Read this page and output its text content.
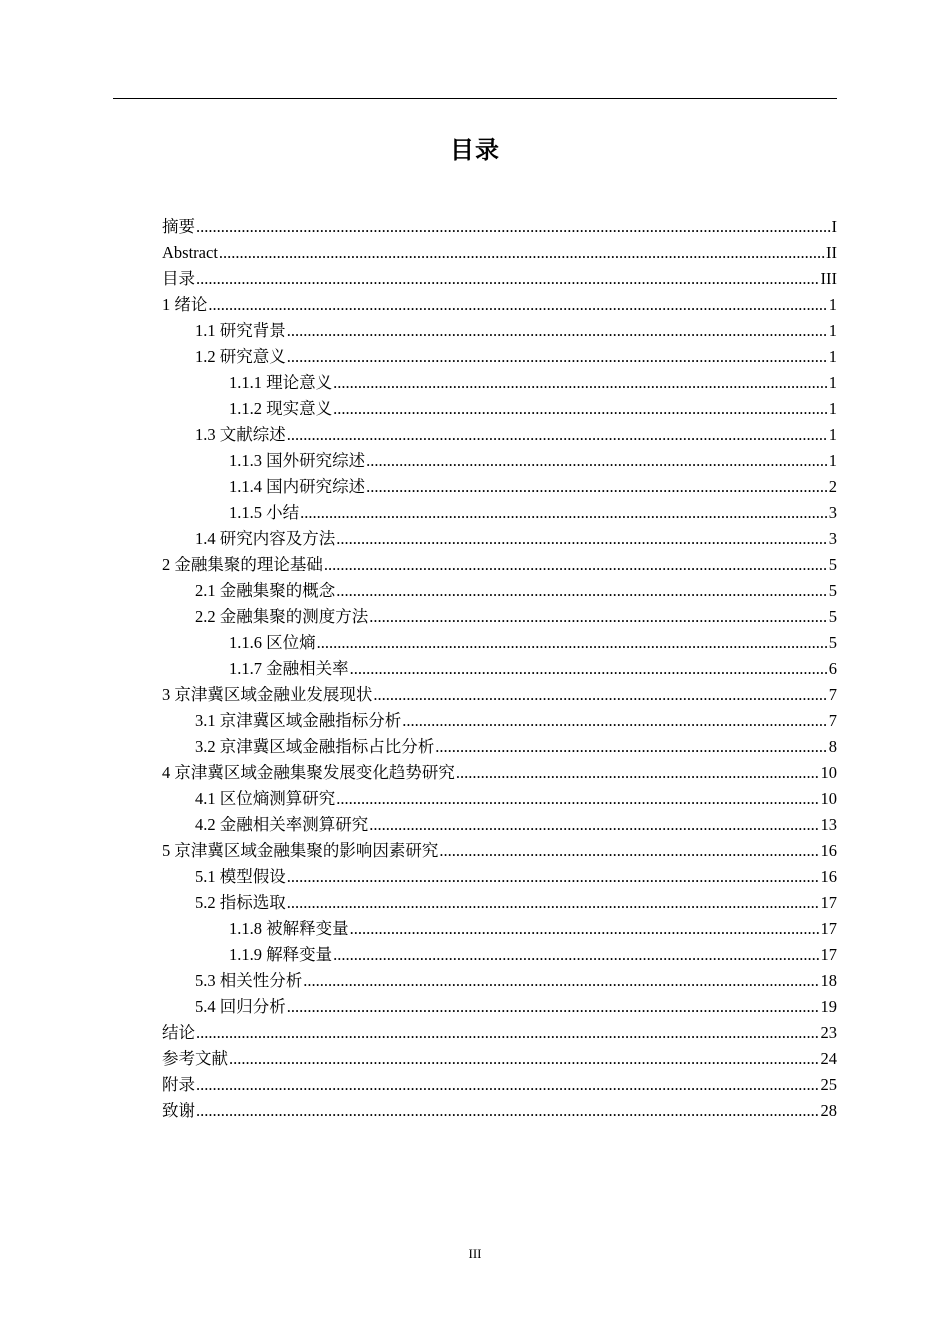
目录
摘要 .....	I
Abstract .....	II
目录 .....	III
1 绪论 .....	1
1.1 研究背景 .....	1
1.2 研究意义 .....	1
1.1.1 理论意义 .....	1
1.1.2 现实意义 .....	1
1.3 文献综述 .....	1
1.1.3 国外研究综述 .....	1
1.1.4 国内研究综述 .....	2
1.1.5 小结 .....	3
1.4 研究内容及方法 .....	3
2 金融集聚的理论基础 .....	5
2.1 金融集聚的概念 .....	5
2.2 金融集聚的测度方法 .....	5
1.1.6 区位熵 .....	5
1.1.7 金融相关率 .....	6
3 京津冀区域金融业发展现状 .....	7
3.1 京津冀区域金融指标分析 .....	7
3.2 京津冀区域金融指标占比分析 .....	8
4 京津冀区域金融集聚发展变化趋势研究 .....	10
4.1 区位熵测算研究 .....	10
4.2 金融相关率测算研究 .....	13
5 京津冀区域金融集聚的影响因素研究 .....	16
5.1 模型假设 .....	16
5.2 指标选取 .....	17
1.1.8 被解释变量 .....	17
1.1.9 解释变量 .....	17
5.3 相关性分析 .....	18
5.4 回归分析 .....	19
结论 .....	23
参考文献 .....	24
附录 .....	25
致谢 .....	28
III
